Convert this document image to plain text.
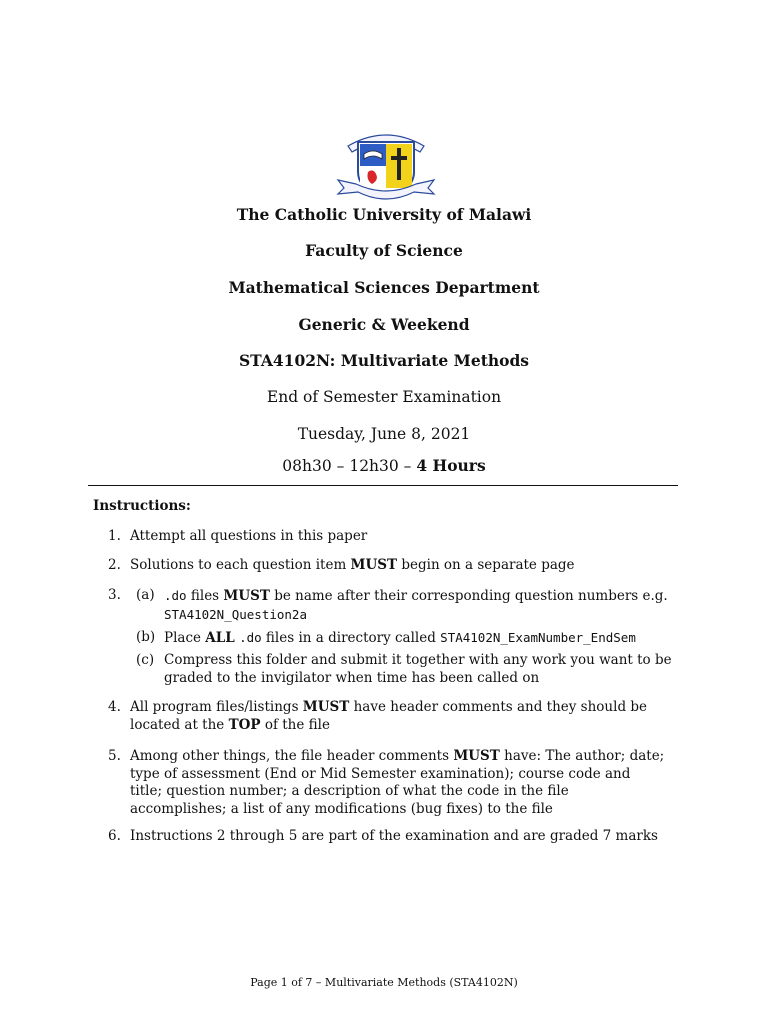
The Catholic University of Malawi
Faculty of Science
Mathematical Sciences Department
Generic & Weekend
STA4102N: Multivariate Methods
End of Semester Examination
Tuesday, June 8, 2021
08h30 – 12h30 – 4 Hours
Instructions:
1. Attempt all questions in this paper
2. Solutions to each question item MUST begin on a separate page
3. (a) .do files MUST be name after their corresponding question numbers e.g.
STA4102N_Question2a
(b) Place ALL .do files in a directory called STA4102N_ExamNumber_EndSem
(c) Compress this folder and submit it together with any work you want to be graded to the invigilator when time has been called on
4. All program files/listings MUST have header comments and they should be located at the TOP of the file
5. Among other things, the file header comments MUST have: The author; date; type of assessment (End or Mid Semester examination); course code and title; question number; a description of what the code in the file accomplishes; a list of any modifications (bug fixes) to the file
6. Instructions 2 through 5 are part of the examination and are graded 7 marks
Page 1 of 7 – Multivariate Methods (STA4102N)
